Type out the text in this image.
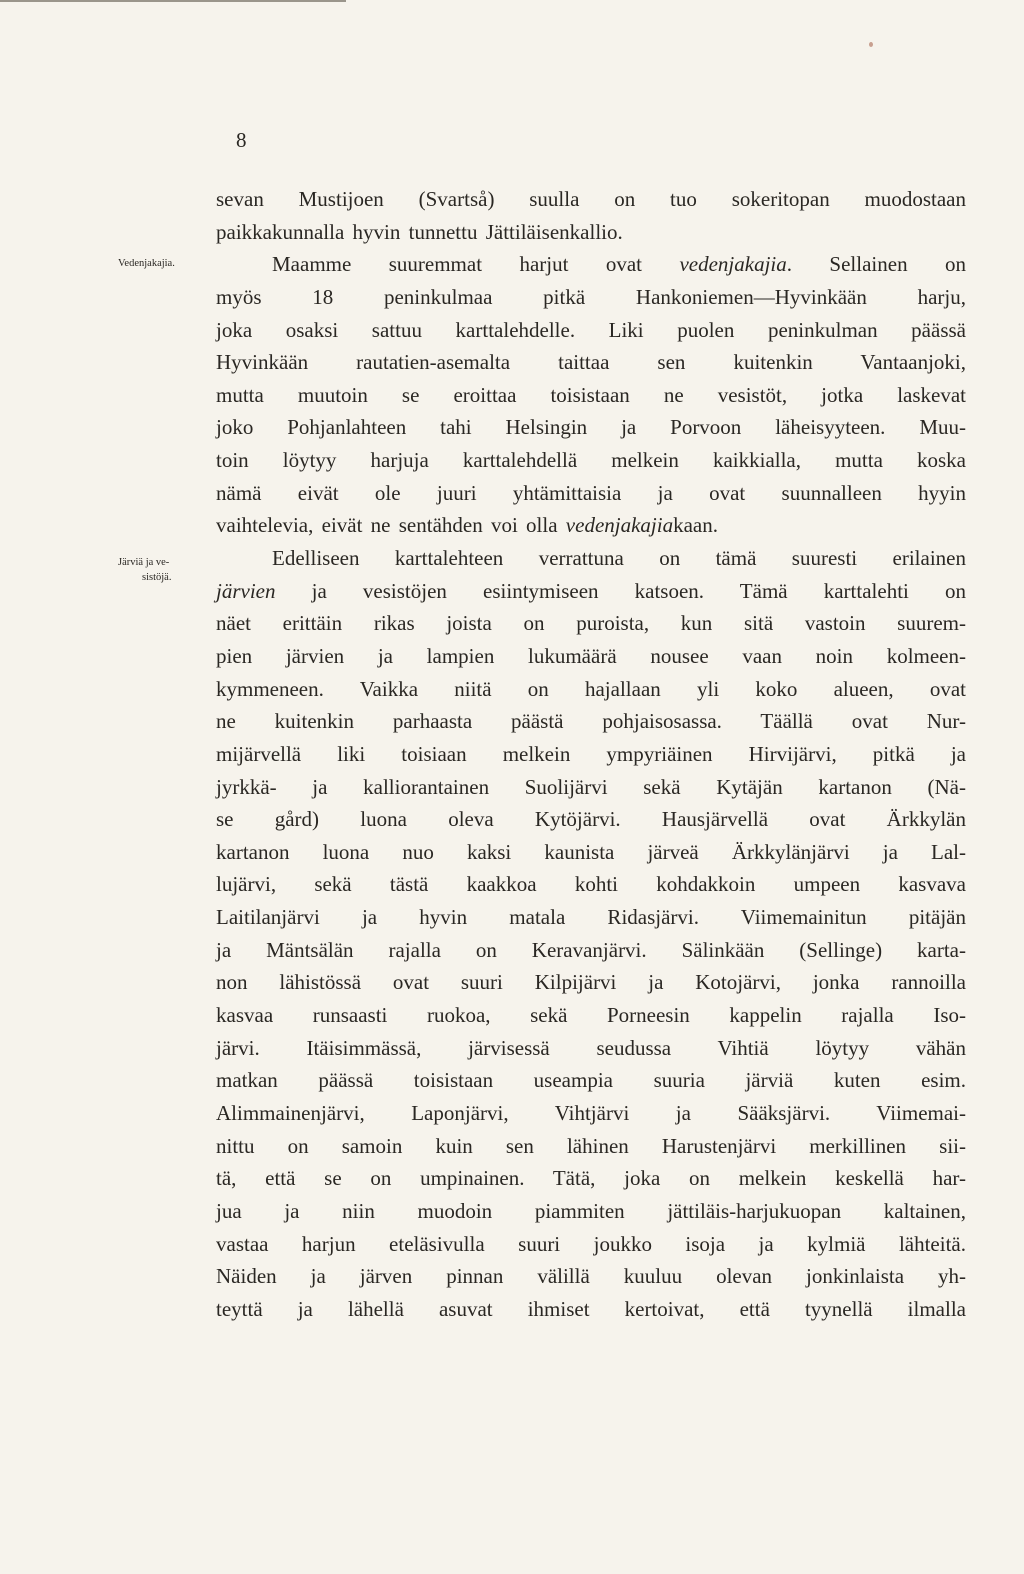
8
Vedenjakajia.
Järviä ja ve-
sistöjä.
sevan Mustijoen (Svartså) suulla on tuo sokeritopan muodostaan
paikkakunnalla hyvin tunnettu Jättiläisenkallio.
Maamme suuremmat harjut ovat vedenjakajia. Sellainen on
myös 18 peninkulmaa pitkä Hankoniemen—Hyvinkään harju,
joka osaksi sattuu karttalehdelle. Liki puolen peninkulman päässä
Hyvinkään rautatien-asemalta taittaa sen kuitenkin Vantaanjoki,
mutta muutoin se eroittaa toisistaan ne vesistöt, jotka laskevat
joko Pohjanlahteen tahi Helsingin ja Porvoon läheisyyteen. Muu-
toin löytyy harjuja karttalehdellä melkein kaikkialla, mutta koska
nämä eivät ole juuri yhtämittaisia ja ovat suunnalleen hyyin
vaihtelevia, eivät ne sentähden voi olla vedenjakajiakaan.
Edelliseen karttalehteen verrattuna on tämä suuresti erilainen
järvien ja vesistöjen esiintymiseen katsoen. Tämä karttalehti on
näet erittäin rikas joista on puroista, kun sitä vastoin suurem-
pien järvien ja lampien lukumäärä nousee vaan noin kolmeen-
kymmeneen. Vaikka niitä on hajallaan yli koko alueen, ovat
ne kuitenkin parhaasta päästä pohjaisosassa. Täällä ovat Nur-
mijärvellä liki toisiaan melkein ympyriäinen Hirvijärvi, pitkä ja
jyrkkä- ja kalliorantainen Suolijärvi sekä Kytäjän kartanon (Nä-
se gård) luona oleva Kytöjärvi. Hausjärvellä ovat Ärkkylän
kartanon luona nuo kaksi kaunista järveä Ärkkylänjärvi ja Lal-
lujärvi, sekä tästä kaakkoa kohti kohdakkoin umpeen kasvava
Laitilanjärvi ja hyvin matala Ridasjärvi. Viimemainitun pitäjän
ja Mäntsälän rajalla on Keravanjärvi. Sälinkään (Sellinge) karta-
non lähistössä ovat suuri Kilpijärvi ja Kotojärvi, jonka rannoilla
kasvaa runsaasti ruokoa, sekä Porneesin kappelin rajalla Iso-
järvi. Itäisimmässä, järvisessä seudussa Vihtiä löytyy vähän
matkan päässä toisistaan useampia suuria järviä kuten esim.
Alimmainenjärvi, Laponjärvi, Vihtjärvi ja Sääksjärvi. Viimemai-
nittu on samoin kuin sen lähinen Harustenjärvi merkillinen sii-
tä, että se on umpinainen. Tätä, joka on melkein keskellä har-
jua ja niin muodoin piammiten jättiläis-harjukuopan kaltainen,
vastaa harjun eteläsivulla suuri joukko isoja ja kylmiä lähteitä.
Näiden ja järven pinnan välillä kuuluu olevan jonkinlaista yh-
teyttä ja lähellä asuvat ihmiset kertoivat, että tyynellä ilmalla
